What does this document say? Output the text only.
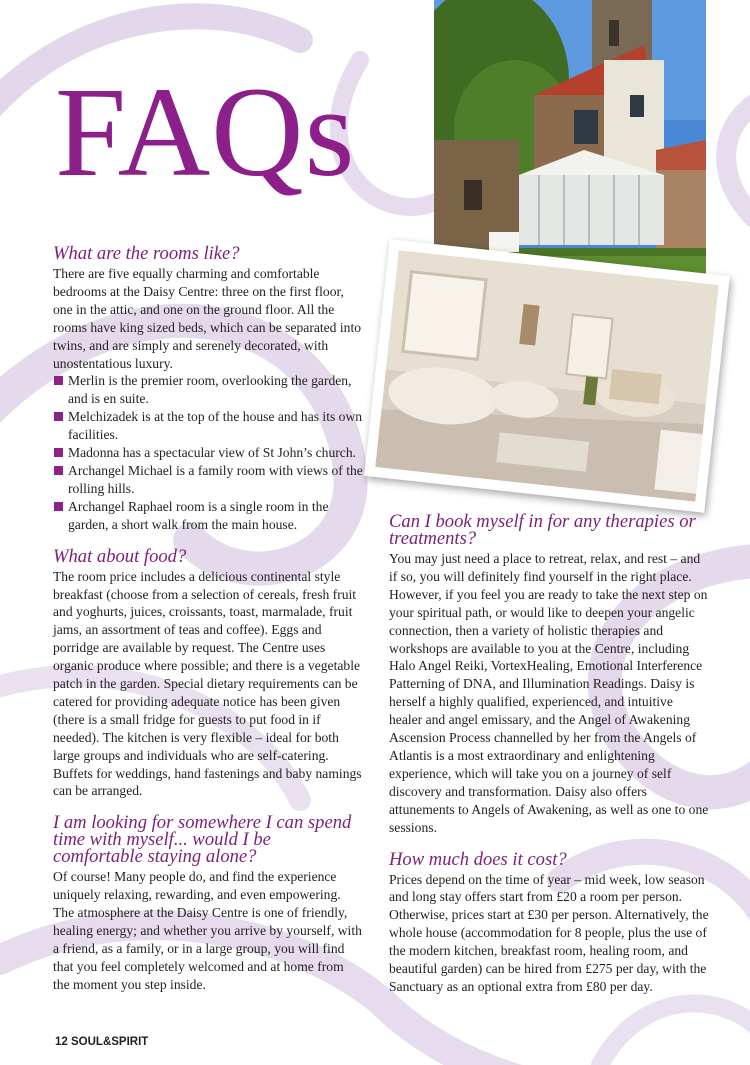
FAQs
What are the rooms like?

There are five equally charming and comfortable bedrooms at the Daisy Centre: three on the first floor, one in the attic, and one on the ground floor. All the rooms have king sized beds, which can be separated into twins, and are simply and serenely decorated, with unostentatious luxury.

Merlin is the premier room, overlooking the garden, and is en suite.
Melchizadek is at the top of the house and has its own facilities.
Madonna has a spectacular view of St John’s church.
Archangel Michael is a family room with views of the rolling hills.
Archangel Raphael room is a single room in the garden, a short walk from the main house.
What about food?

The room price includes a delicious continental style breakfast (choose from a selection of cereals, fresh fruit and yoghurts, juices, croissants, toast, marmalade, fruit jams, an assortment of teas and coffee). Eggs and porridge are available by request. The Centre uses organic produce where possible; and there is a vegetable patch in the garden. Special dietary requirements can be catered for providing adequate notice has been given (there is a small fridge for guests to put food in if needed). The kitchen is very flexible – ideal for both large groups and individuals who are self-catering. Buffets for weddings, hand fastenings and baby namings can be arranged.

I am looking for somewhere I can spend time with myself... would I be comfortable staying alone?

Of course! Many people do, and find the experience uniquely relaxing, rewarding, and even empowering. The atmosphere at the Daisy Centre is one of friendly, healing energy; and whether you arrive by yourself, with a friend, as a family, or in a large group, you will find that you feel completely welcomed and at home from the moment you step inside.

Can I book myself in for any therapies or treatments?

You may just need a place to retreat, relax, and rest – and if so, you will definitely find yourself in the right place. However, if you feel you are ready to take the next step on your spiritual path, or would like to deepen your angelic connection, then a variety of holistic therapies and workshops are available to you at the Centre, including Halo Angel Reiki, VortexHealing, Emotional Interference Patterning of DNA, and Illumination Readings. Daisy is herself a highly qualified, experienced, and intuitive healer and angel emissary, and the Angel of Awakening Ascension Process channelled by her from the Angels of Atlantis is a most extraordinary and enlightening experience, which will take you on a journey of self discovery and transformation. Daisy also offers attunements to Angels of Awakening, as well as one to one sessions.

How much does it cost?

Prices depend on the time of year – mid week, low season and long stay offers start from £20 a room per person. Otherwise, prices start at £30 per person. Alternatively, the whole house (accommodation for 8 people, plus the use of the modern kitchen, breakfast room, healing room, and beautiful garden) can be hired from £275 per day, with the Sanctuary as an optional extra from £80 per day.

12 SOUL&SPIRIT
